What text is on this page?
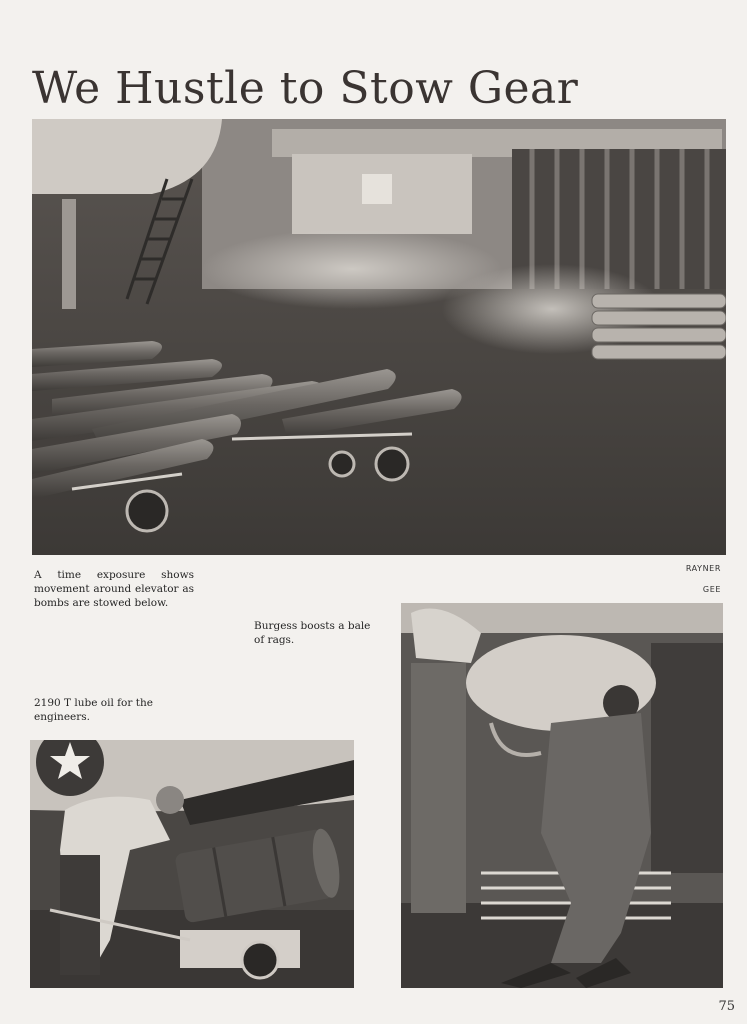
We Hustle to Stow Gear
A time exposure shows movement around elevator as bombs are stowed below.
RAYNER
GEE
Burgess boosts a bale of rags.
2190 T lube oil for the engineers.
75
